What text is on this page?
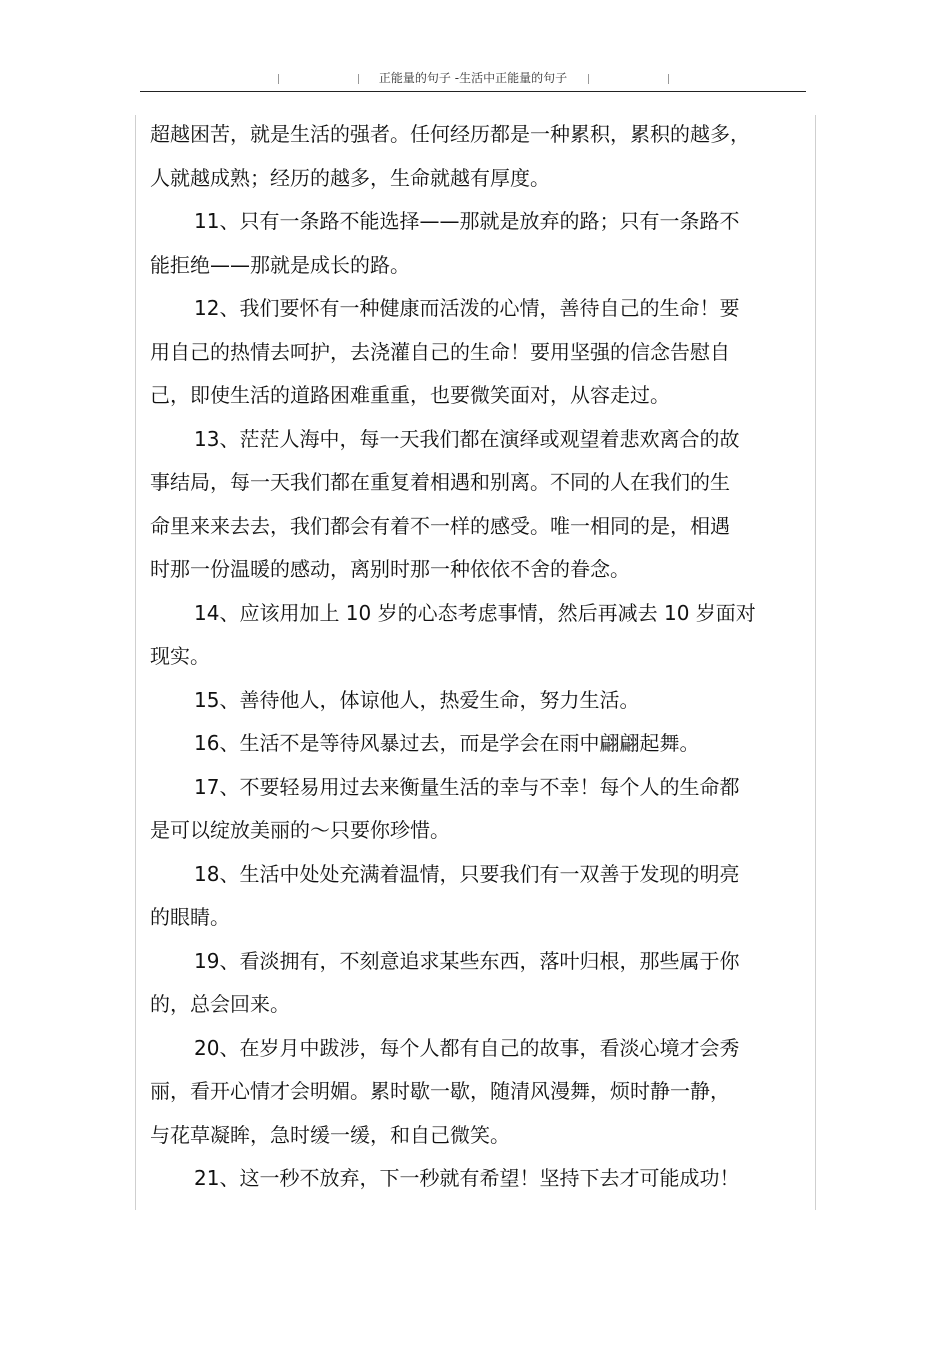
正能量的句子 -生活中正能量的句子
超越困苦，就是生活的强者。任何经历都是一种累积，累积的越多，
人就越成熟；经历的越多，生命就越有厚度。
11、只有一条路不能选择——那就是放弃的路；只有一条路不
能拒绝——那就是成长的路。
12、我们要怀有一种健康而活泼的心情，善待自己的生命！要
用自己的热情去呵护，去浇灌自己的生命！要用坚强的信念告慰自
己，即使生活的道路困难重重，也要微笑面对，从容走过。
13、茫茫人海中，每一天我们都在演绎或观望着悲欢离合的故
事结局，每一天我们都在重复着相遇和别离。不同的人在我们的生
命里来来去去，我们都会有着不一样的感受。唯一相同的是，相遇
时那一份温暖的感动，离别时那一种依依不舍的眷念。
14、应该用加上 10 岁的心态考虑事情，然后再减去 10 岁面对
现实。
15、善待他人，体谅他人，热爱生命，努力生活。
16、生活不是等待风暴过去，而是学会在雨中翩翩起舞。
17、不要轻易用过去来衡量生活的幸与不幸！每个人的生命都
是可以绽放美丽的～只要你珍惜。
18、生活中处处充满着温情，只要我们有一双善于发现的明亮
的眼睛。
19、看淡拥有，不刻意追求某些东西，落叶归根，那些属于你
的，总会回来。
20、在岁月中跋涉，每个人都有自己的故事，看淡心境才会秀
丽，看开心情才会明媚。累时歇一歇，随清风漫舞，烦时静一静，
与花草凝眸，急时缓一缓，和自己微笑。
21、这一秒不放弃，下一秒就有希望！坚持下去才可能成功！
